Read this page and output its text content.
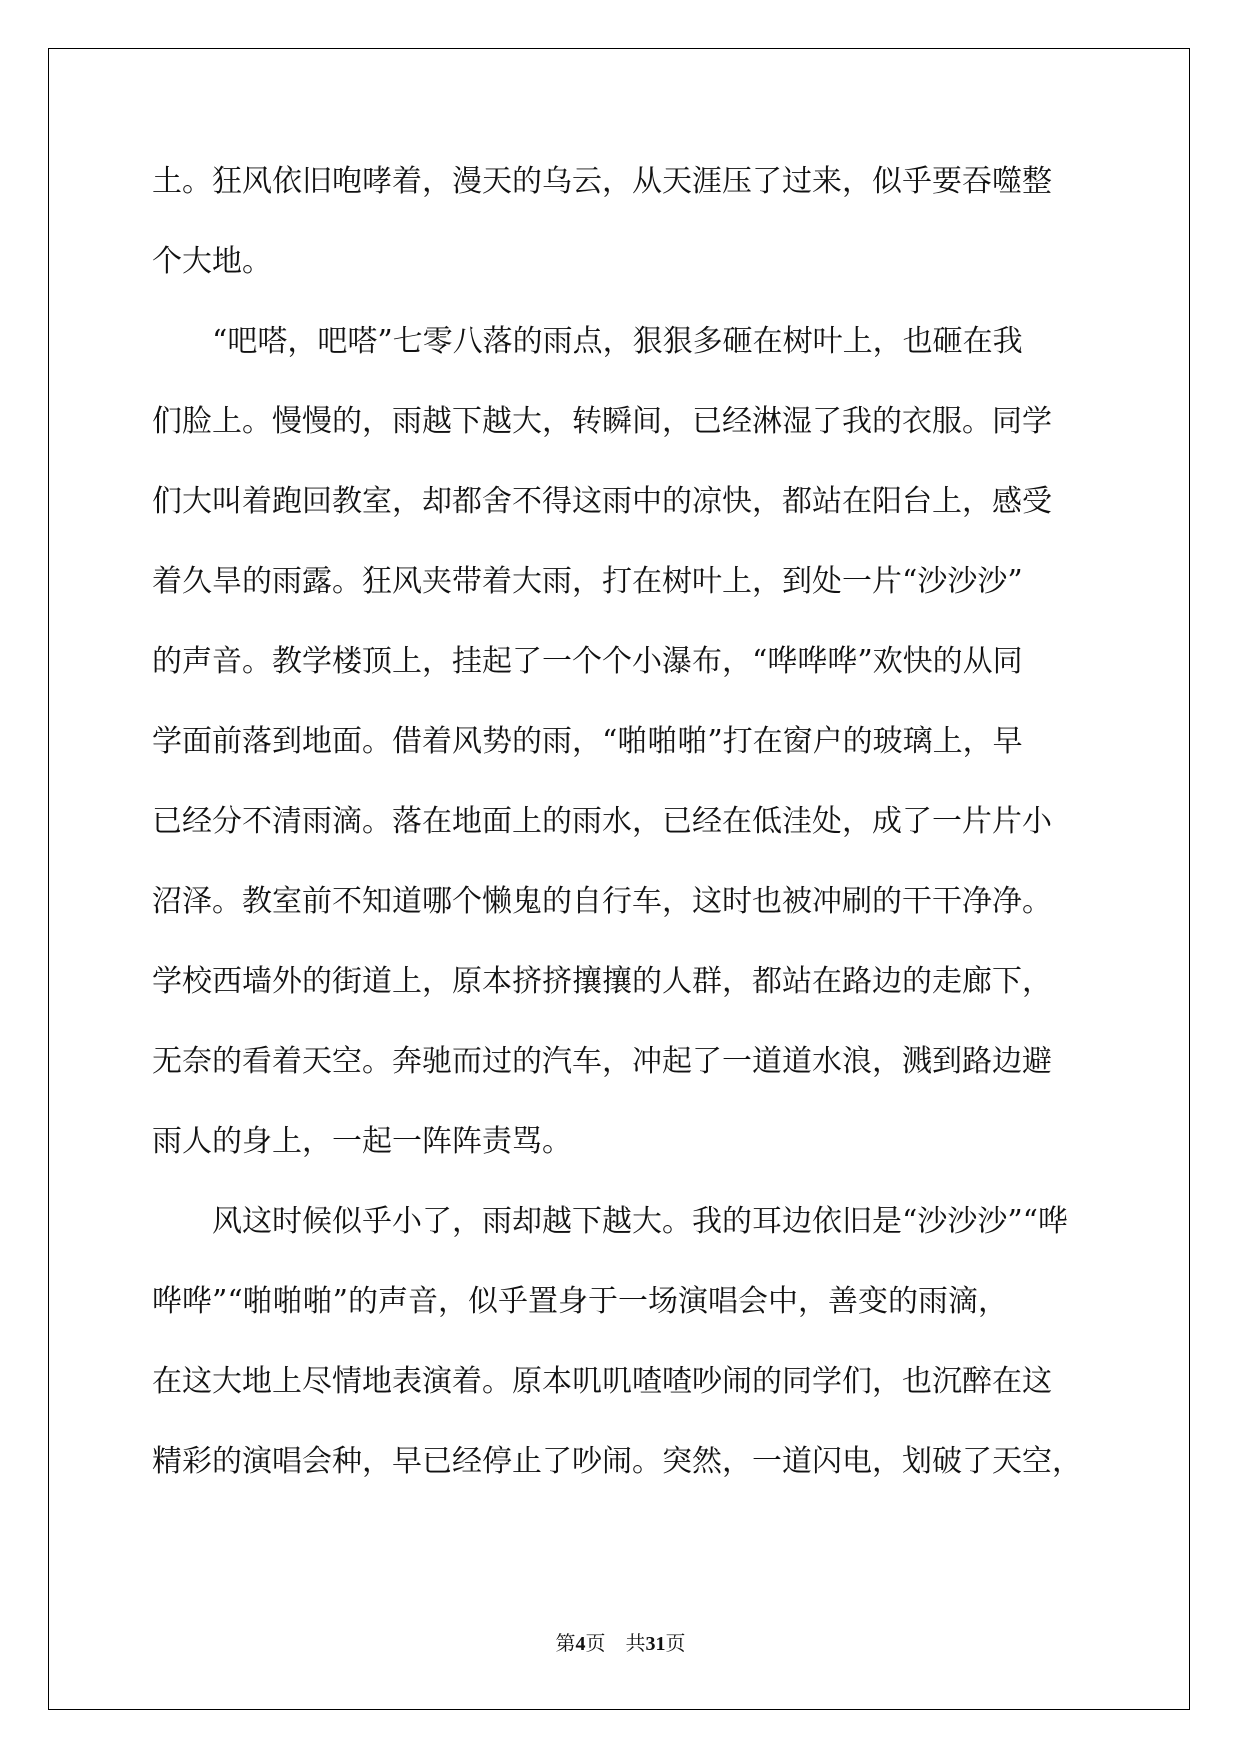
土。狂风依旧咆哮着，漫天的乌云，从天涯压了过来，似乎要吞噬整
个大地。
“吧嗒，吧嗒”七零八落的雨点，狠狠多砸在树叶上，也砸在我
们脸上。慢慢的，雨越下越大，转瞬间，已经淋湿了我的衣服。同学
们大叫着跑回教室，却都舍不得这雨中的凉快，都站在阳台上，感受
着久旱的雨露。狂风夹带着大雨，打在树叶上，到处一片“沙沙沙”
的声音。教学楼顶上，挂起了一个个小瀑布，“哗哗哗”欢快的从同
学面前落到地面。借着风势的雨，“啪啪啪”打在窗户的玻璃上，早
已经分不清雨滴。落在地面上的雨水，已经在低洼处，成了一片片小
沼泽。教室前不知道哪个懒鬼的自行车，这时也被冲刷的干干净净。
学校西墙外的街道上，原本挤挤攘攘的人群，都站在路边的走廊下，
无奈的看着天空。奔驰而过的汽车，冲起了一道道水浪，溅到路边避
雨人的身上，一起一阵阵责骂。
风这时候似乎小了，雨却越下越大。我的耳边依旧是“沙沙沙”“哗
哗哗”“啪啪啪”的声音，似乎置身于一场演唱会中，善变的雨滴，
在这大地上尽情地表演着。原本叽叽喳喳吵闹的同学们，也沉醉在这
精彩的演唱会种，早已经停止了吵闹。突然，一道闪电，划破了天空，
第4页 共31页
